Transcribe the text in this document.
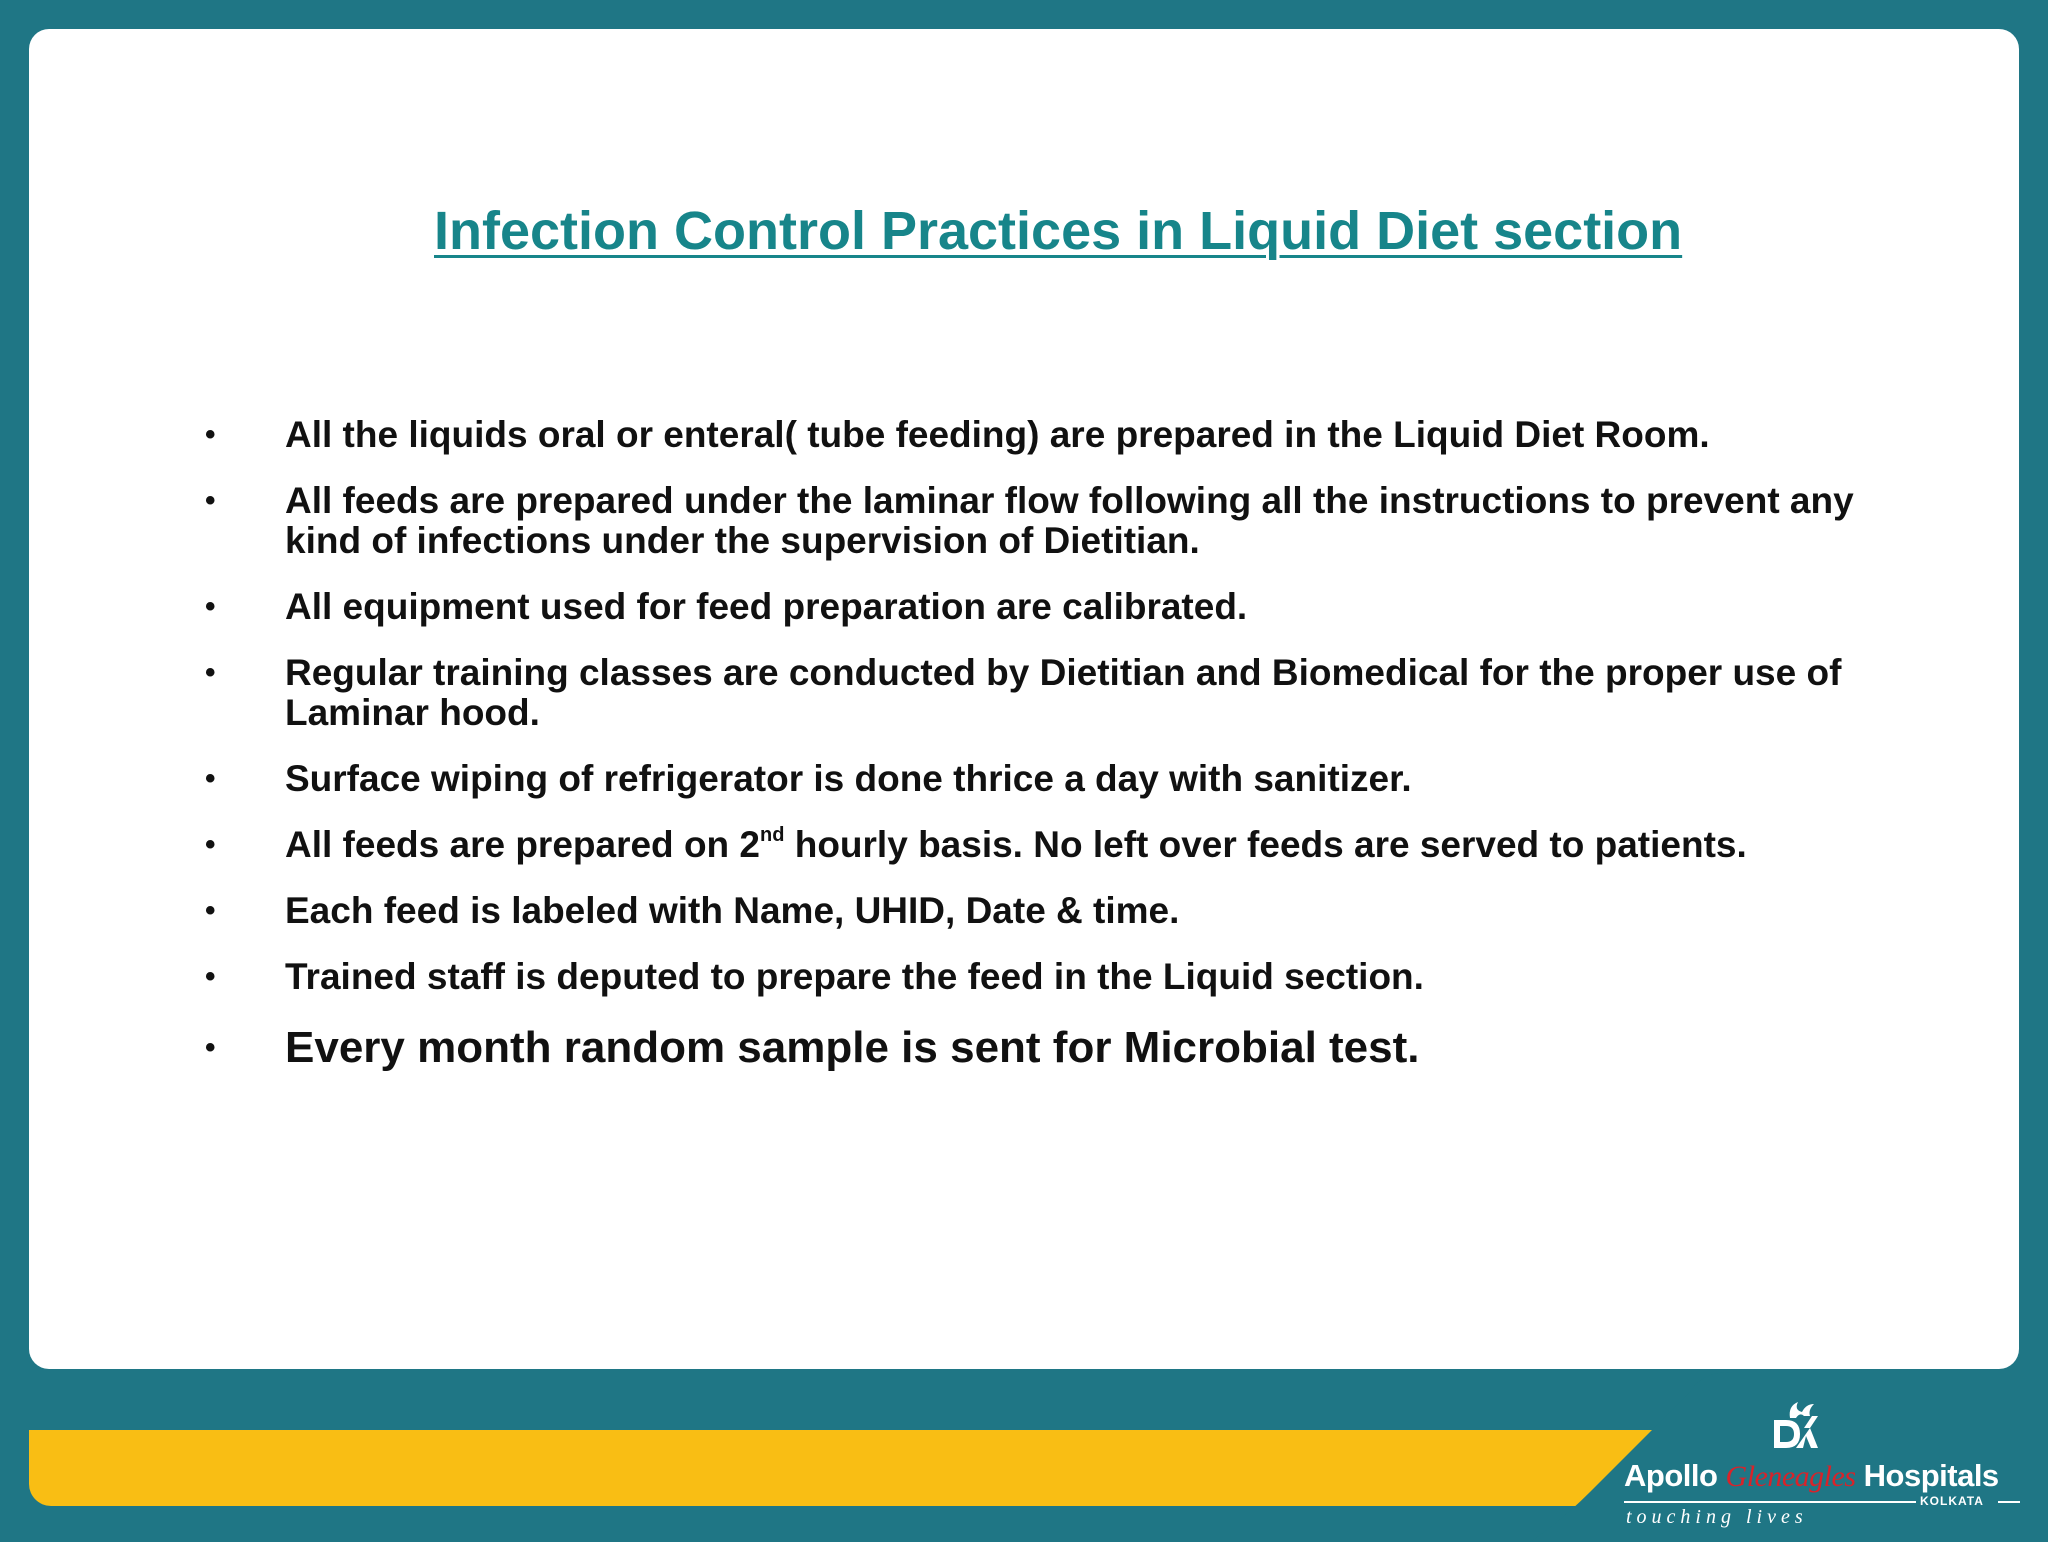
Infection Control Practices in Liquid Diet section
• All the liquids oral or enteral( tube feeding) are prepared in the Liquid Diet Room.
• All feeds are prepared under the laminar flow following all the instructions to prevent any kind of infections under the supervision of Dietitian.
• All equipment used for feed preparation are calibrated.
• Regular training classes are conducted by Dietitian and Biomedical for the proper use of Laminar hood.
• Surface wiping of refrigerator is done thrice a day with sanitizer.
• All feeds are prepared on 2nd hourly basis. No left over feeds are served to patients.
• Each feed is labeled with Name, UHID, Date & time.
• Trained staff is deputed to prepare the feed in the Liquid section.
• Every month random sample is sent for Microbial test.
Apollo Gleneagles Hospitals
KOLKATA
touching lives
